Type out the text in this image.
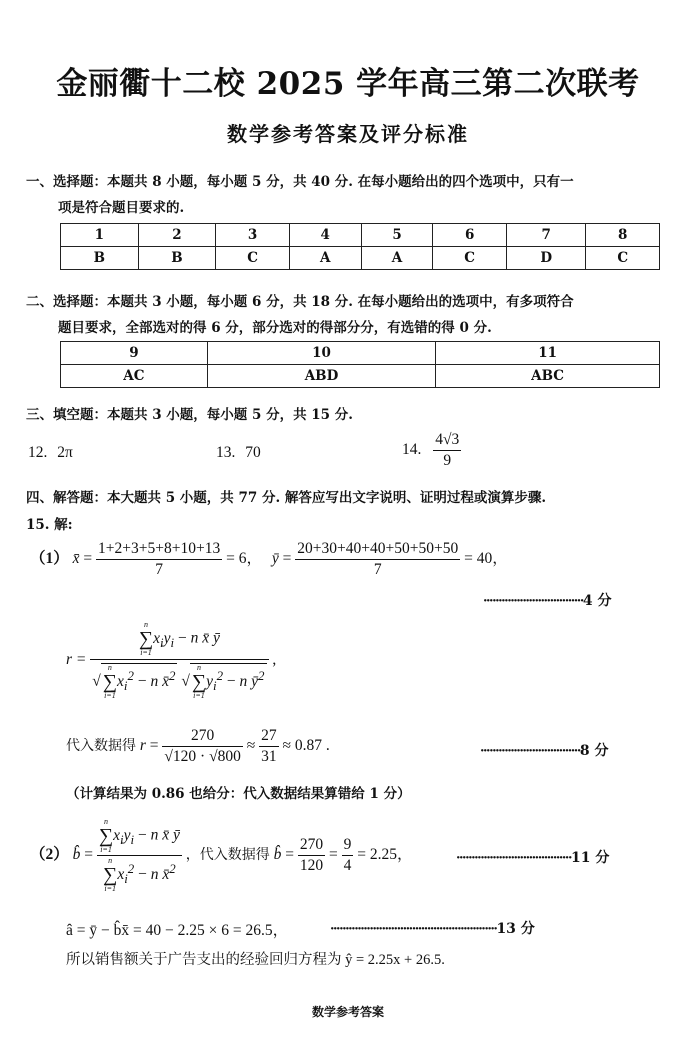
金丽衢十二校 2025 学年高三第二次联考
数学参考答案及评分标准
一、选择题：本题共 8 小题，每小题 5 分，共 40 分. 在每小题给出的四个选项中，只有一
项是符合题目要求的.
1	2	3	4	5	6	7	8
B	B	C	A	A	C	D	C
二、选择题：本题共 3 小题，每小题 6 分，共 18 分. 在每小题给出的选项中，有多项符合
题目要求，全部选对的得 6 分，部分选对的得部分分，有选错的得 0 分.
9	10	11
AC	ABD	ABC
三、填空题：本题共 3 小题，每小题 5 分，共 15 分.
12. 2π	13. 70	14. $\frac{4√3}{9}$
四、解答题：本大题共 5 小题，共 77 分. 解答应写出文字说明、证明过程或演算步骤.
15. 解:
（1） x̄ = $\frac{1+2+3+5+8+10+13}{7} = 6$， ȳ = $\frac{20+30+40+40+50+50+50}{7} = 40$，
·································4 分
r = n
∑
i=1
$x_iy_i - n$ x̄ ȳ
√
n
∑
i=1
$x_i^2 - n$ x̄$^2$ √
n
∑
i=1
$y_i^2 - n$ $ȳ^2$ ,
代入数据得 $r = \frac{270}{√120 \cdot √800} \approx \frac{27}{31} \approx 0.87$ .	·································8 分
（计算结果为 0.86 也给分：代入数据结果算错给 1 分）
（2） b̂ = n
∑
i=1
$x_iy_i - n$ x̄ ȳ
n
∑
i=1
$x_i^2 - n$ x̄$^2$ ，代入数据得 b̂ = $\frac{270}{120} = \frac{9}{4} = 2.25$，	······································11 分
â = ȳ − b̂x̄ = 40 − 2.25 × 6 = 26.5，	·······················································13 分
所以销售额关于广告支出的经验回归方程为 ŷ = 2.25x + 26.5.
数学参考答案
